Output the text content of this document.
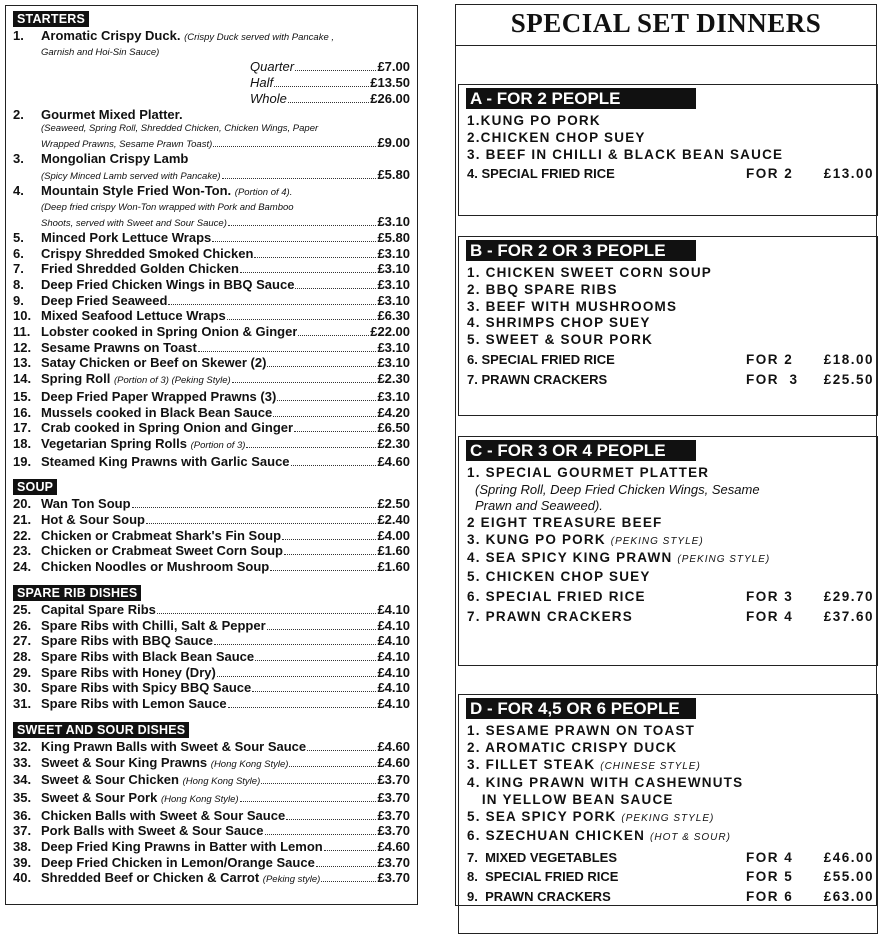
STARTERS
1.	Aromatic Crispy Duck. (Crispy Duck served with Pancake ,
Garnish and Hoi-Sin Sauce)
Quarter	£7.00
Half	£13.50
Whole	£26.00
2.	Gourmet Mixed Platter.
(Seaweed, Spring Roll, Shredded Chicken, Chicken Wings, Paper
Wrapped Prawns, Sesame Prawn Toast)	£9.00
3.	Mongolian Crispy Lamb
(Spicy Minced Lamb served with Pancake)	£5.80
4.	Mountain Style Fried Won-Ton. (Portion of 4).
(Deep fried crispy Won-Ton wrapped with Pork and Bamboo
Shoots, served with Sweet and Sour Sauce)	£3.10
5.	Minced Pork Lettuce Wraps	£5.80
6.	Crispy Shredded Smoked Chicken	£3.10
7.	Fried Shredded Golden Chicken	£3.10
8.	Deep Fried Chicken Wings in BBQ Sauce	£3.10
9.	Deep Fried Seaweed	£3.10
10. Mixed Seafood Lettuce Wraps	£6.30
11. Lobster cooked in Spring Onion & Ginger	£22.00
12. Sesame Prawns on Toast	£3.10
13. Satay Chicken or Beef on Skewer (2)	£3.10
14. Spring Roll (Portion of 3) (Peking Style)	£2.30
15. Deep Fried Paper Wrapped Prawns (3)	£3.10
16. Mussels cooked in Black Bean Sauce	£4.20
17. Crab cooked in Spring Onion and Ginger	£6.50
18. Vegetarian Spring Rolls (Portion of 3)	£2.30
19. Steamed King Prawns with Garlic Sauce	£4.60
SOUP
20. Wan Ton Soup	£2.50
21. Hot & Sour Soup	£2.40
22. Chicken or Crabmeat Shark's Fin Soup	£4.00
23. Chicken or Crabmeat Sweet Corn Soup	£1.60
24. Chicken Noodles or Mushroom Soup	£1.60
SPARE RIB DISHES
25. Capital Spare Ribs	£4.10
26. Spare Ribs with Chilli, Salt & Pepper	£4.10
27. Spare Ribs with BBQ Sauce	£4.10
28. Spare Ribs with Black Bean Sauce	£4.10
29. Spare Ribs with Honey (Dry)	£4.10
30. Spare Ribs with Spicy BBQ Sauce	£4.10
31. Spare Ribs with Lemon Sauce	£4.10
SWEET AND SOUR DISHES
32. King Prawn Balls with Sweet & Sour Sauce	£4.60
33. Sweet & Sour King Prawns (Hong Kong Style)	£4.60
34. Sweet & Sour Chicken (Hong Kong Style)	£3.70
35. Sweet & Sour Pork (Hong Kong Style)	£3.70
36. Chicken Balls with Sweet & Sour Sauce	£3.70
37. Pork Balls with Sweet & Sour Sauce	£3.70
38. Deep Fried King Prawns in Batter with Lemon	£4.60
39. Deep Fried Chicken in Lemon/Orange Sauce	£3.70
40. Shredded Beef or Chicken & Carrot (Peking style)	£3.70
SPECIAL SET DINNERS
A - FOR 2 PEOPLE
1.KUNG PO PORK
2.CHICKEN CHOP SUEY
3. BEEF IN CHILLI & BLACK BEAN SAUCE
4. SPECIAL FRIED RICE	FOR 2	£13.00
B - FOR 2 OR 3 PEOPLE
1. CHICKEN SWEET CORN SOUP
2. BBQ SPARE RIBS
3. BEEF WITH MUSHROOMS
4. SHRIMPS CHOP SUEY
5. SWEET & SOUR PORK
6. SPECIAL FRIED RICE	FOR 2	£18.00
7. PRAWN CRACKERS	FOR  3	£25.50
C - FOR 3 OR 4 PEOPLE
1. SPECIAL GOURMET PLATTER
(Spring Roll, Deep Fried Chicken Wings, Sesame
Prawn and Seaweed).
2 EIGHT TREASURE BEEF
3. KUNG PO PORK (PEKING STYLE)
4. SEA SPICY KING PRAWN (PEKING STYLE)
5. CHICKEN CHOP SUEY
6. SPECIAL FRIED RICE	FOR 3	£29.70
7. PRAWN CRACKERS	FOR 4	£37.60
D - FOR 4,5 OR 6 PEOPLE
1. SESAME PRAWN ON TOAST
2. AROMATIC CRISPY DUCK
3. FILLET STEAK (CHINESE STYLE)
4. KING PRAWN WITH CASHEWNUTS
IN YELLOW BEAN SAUCE
5. SEA SPICY PORK (PEKING STYLE)
6. SZECHUAN CHICKEN (HOT & SOUR)
7.  MIXED VEGETABLES	FOR 4	£46.00
8.  SPECIAL FRIED RICE	FOR 5	£55.00
9.  PRAWN CRACKERS	FOR 6	£63.00
